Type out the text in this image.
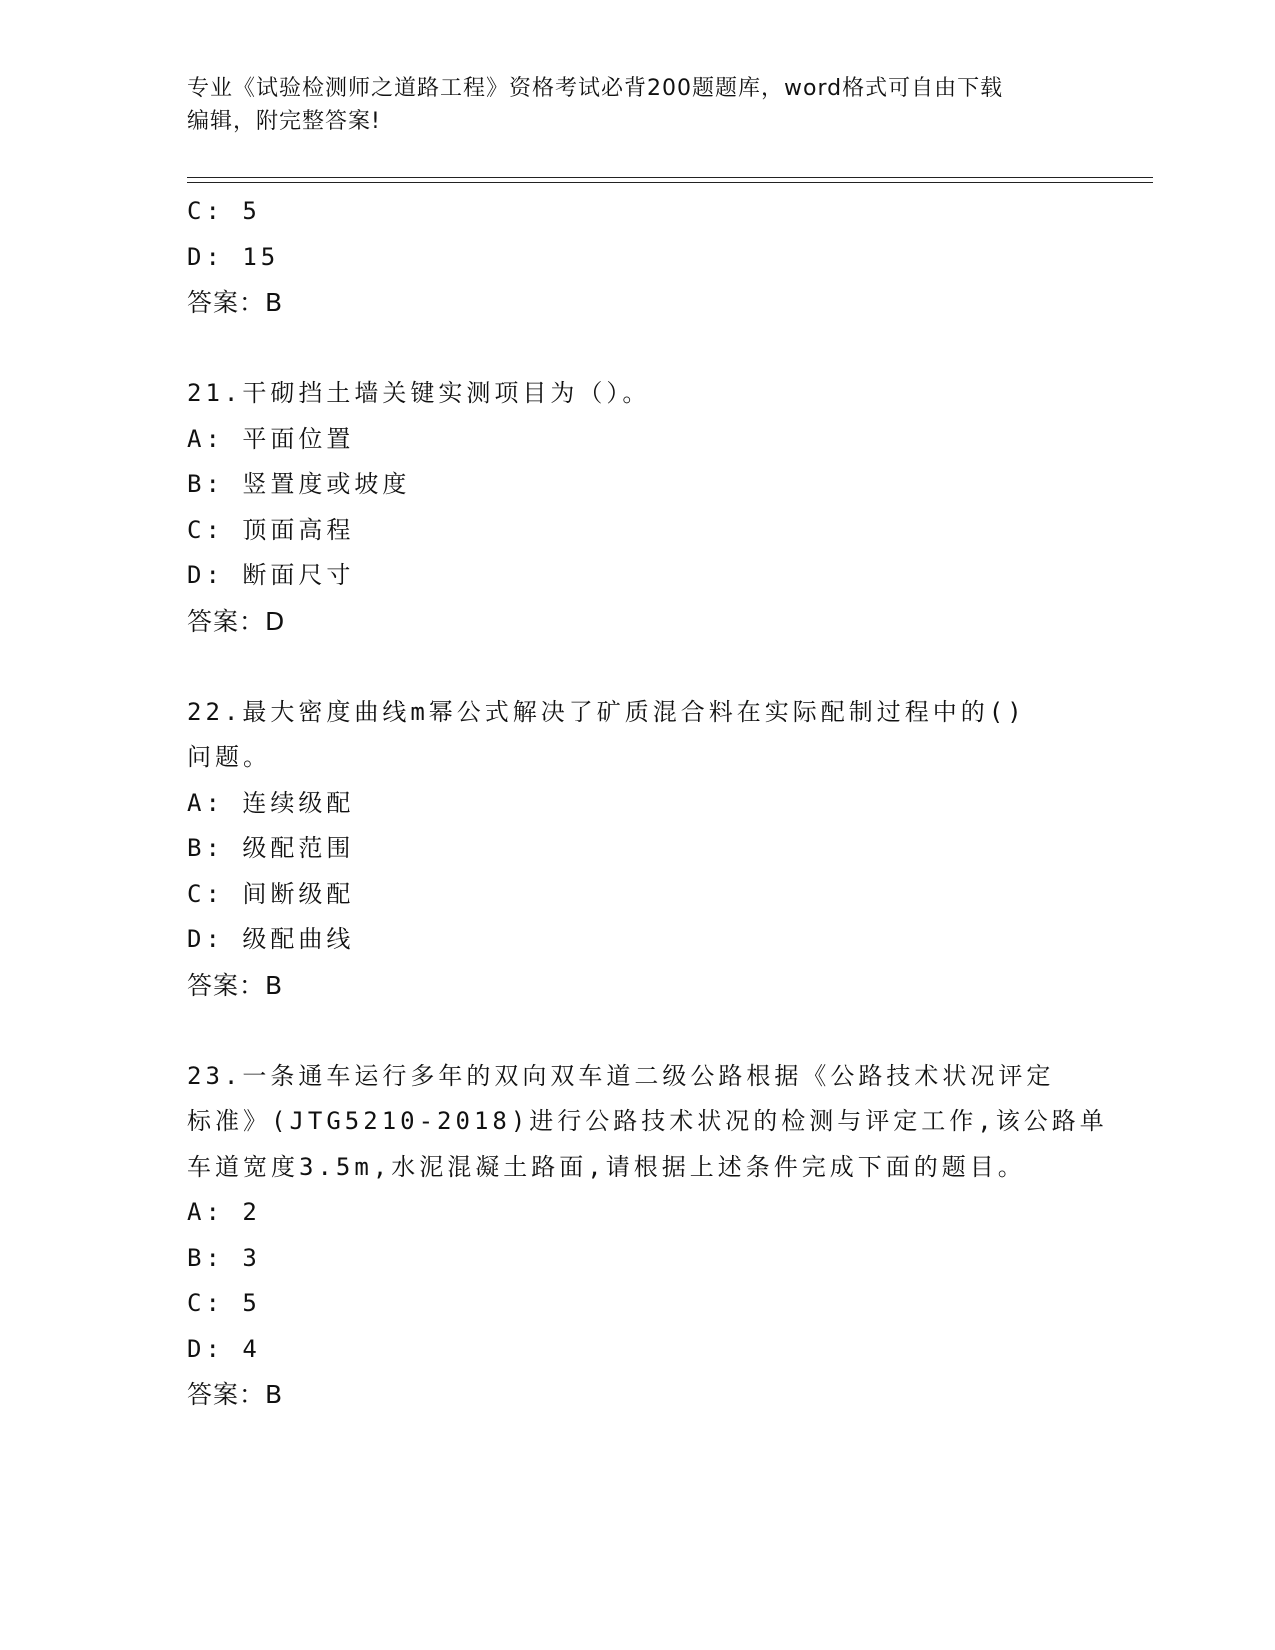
专业《试验检测师之道路工程》资格考试必背200题题库，word格式可自由下载
编辑，附完整答案!
C: 5
D: 15
答案：B
21.干砌挡土墙关键实测项目为（）。
A: 平面位置
B: 竖置度或坡度
C: 顶面高程
D: 断面尺寸
答案：D
22.最大密度曲线m幂公式解决了矿质混合料在实际配制过程中的()
问题。
A: 连续级配
B: 级配范围
C: 间断级配
D: 级配曲线
答案：B
23.一条通车运行多年的双向双车道二级公路根据《公路技术状况评定
标准》(JTG5210-2018)进行公路技术状况的检测与评定工作,该公路单
车道宽度3.5m,水泥混凝土路面,请根据上述条件完成下面的题目。
A: 2
B: 3
C: 5
D: 4
答案：B
